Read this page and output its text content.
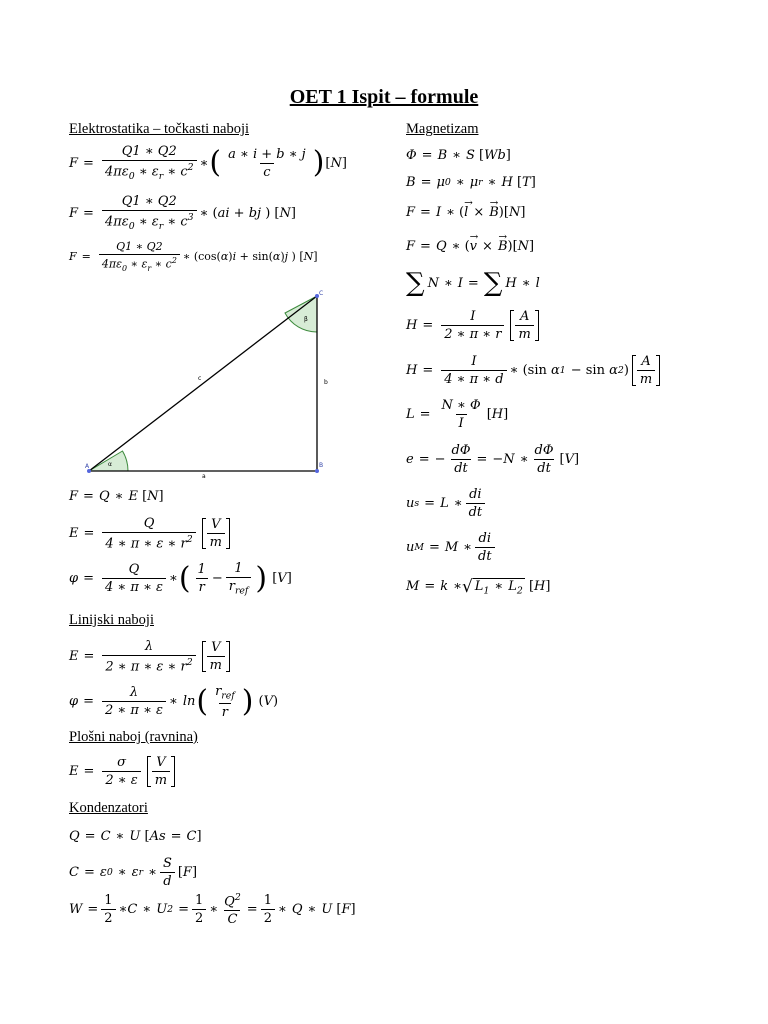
OET 1 Ispit – formule
Elektrostatika – točkasti naboji
Linijski naboji
Plošni naboj (ravnina)
Kondenzatori
Magnetizam
$F = \frac{Q1 ∗ Q2}{4\pi\varepsilon_0 ∗ \varepsilon_r ∗ c^2}$ ∗ ( $\frac{a ∗ i + b ∗ j}{c}$ ) [ N ]
$F = \frac{Q1 ∗ Q2}{4\pi\varepsilon_0 ∗ \varepsilon_r ∗ c^3}$ ∗ ( ai + bj ) [ N ]
$F = \frac{Q1 ∗ Q2}{4\pi\varepsilon_0 ∗ \varepsilon_r ∗ c^2}$ ∗ (cos( α ) i + sin( α ) j ) [ N ]
C
B
A
c
b
a
α
β
F = Q ∗ E [ N ]
$E = \frac{Q}{4 ∗ \pi ∗ \varepsilon ∗ r^2} \frac{V}{m}$
$\varphi = \frac{Q}{4 ∗ \pi ∗ \varepsilon}$ ∗ ( $\frac{1}{r} - \frac{1}{r_{ref}}$ ) [ V ]
$E = \frac{\lambda}{2 ∗ \pi ∗ \varepsilon ∗ r^2} \frac{V}{m}$
$\varphi = \frac{\lambda}{2 ∗ \pi ∗ \varepsilon}$ ∗ ln ( $\frac{r_{ref}}{r}$ ) ( V )
$E = \frac{\sigma}{2 ∗ \varepsilon} \frac{V}{m}$
Q = C ∗ U [ As = C ]
C = ε 0 ∗ ε r ∗ $\frac{S}{d}$ [ F ]
$W = \frac{1}{2}$ ∗C ∗ U $2 = \frac{1}{2}$ ∗ $\frac{Q^2}{C} = \frac{1}{2}$ ∗ Q ∗ U [ F ]
Φ = B ∗ S [ Wb ]
B = μ 0 ∗ μ r ∗ H [ T ]
F = I ∗ ( l → × B → )[ N ]
F = Q ∗ ( v → × B → )[ N ]
∑ N ∗ I = ∑ H ∗ l
$H = \frac{I}{2 ∗ \pi ∗ r} \frac{A}{m}$
$H = \frac{I}{4 ∗ \pi ∗ d}$ ∗ (sin α 1 − sin α 2 ) $\frac{A}{m}$
$L = \frac{N ∗ \Phi}{I}$ [ H ]
e = − $\frac{d\Phi}{dt} = -N$ ∗ $\frac{d\Phi}{dt}$ [ V ]
u s = L ∗ $\frac{di}{dt}$
u M = M ∗ $\frac{di}{dt}$
M = k ∗ √ $L_1$ ∗ $L_2$ [ H ]
